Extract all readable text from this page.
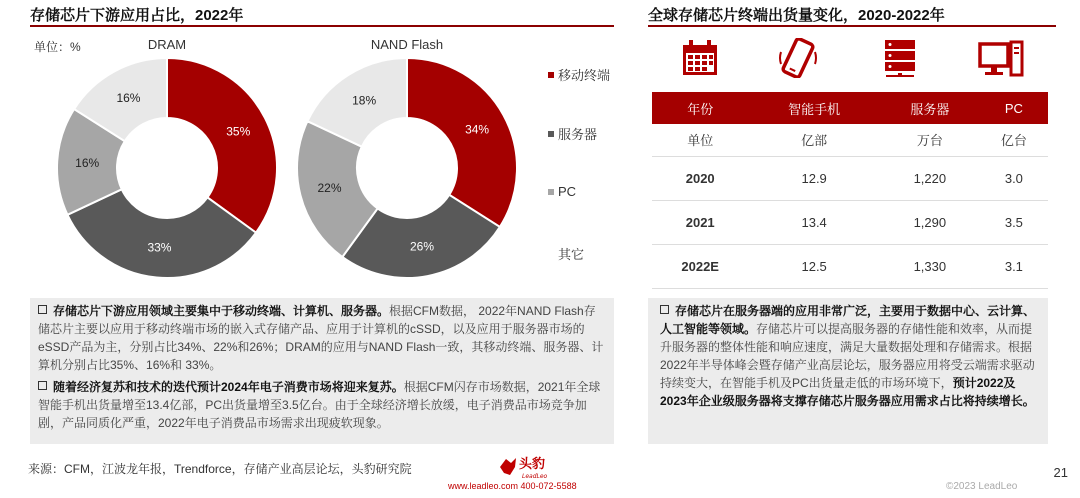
存储芯片下游应用占比，2022年	全球存储芯片终端出货量变化，2020-2022年
单位：%	DRAM	NAND Flash
35%
33%
16%
16%
34%
26%
22%
18%
移动终端
服务器
PC
其它

存储芯片下游应用领域主要集中于移动终端、计算机、服务器。根据CFM数据， 2022年NAND Flash存储芯片主要以应用于移动终端市场的嵌入式存储产品、应用于计算机的cSSD，以及应用于服务器市场的eSSD产品为主，分别占比34%、22%和26%；DRAM的应用与NAND Flash一致，其移动终端、服务器、计算机分别占比35%、16%和 33%。

随着经济复苏和技术的迭代预计2024年电子消费市场将迎来复苏。根据CFM闪存市场数据，2021年全球智能手机出货量增至13.4亿部，PC出货量增至3.5亿台。由于全球经济增长放缓，电子消费品市场竞争加剧，产品同质化严重，2022年电子消费品市场需求出现疲软现象。

年份	智能手机	服务器	PC
单位	亿部	万台	亿台
2020	12.9	1,220	3.0
2021	13.4	1,290	3.5
2022E	12.5	1,330	3.1

存储芯片在服务器端的应用非常广泛，主要用于数据中心、云计算、人工智能等领域。存储芯片可以提高服务器的存储性能和效率，从而提升服务器的整体性能和响应速度，满足大量数据处理和存储需求。根据2022年半导体峰会暨存储产业高层论坛，服务器应用将受云端需求驱动持续变大，在智能手机及PC出货量走低的市场环境下，预计2022及2023年企业级服务器将支撑存储芯片服务器应用需求占比将持续增长。

来源：CFM，江波龙年报，Trendforce，存储产业高层论坛，头豹研究院	头豹
LeadLeo
www.leadleo.com 400-072-5588	©2023 LeadLeo
21
